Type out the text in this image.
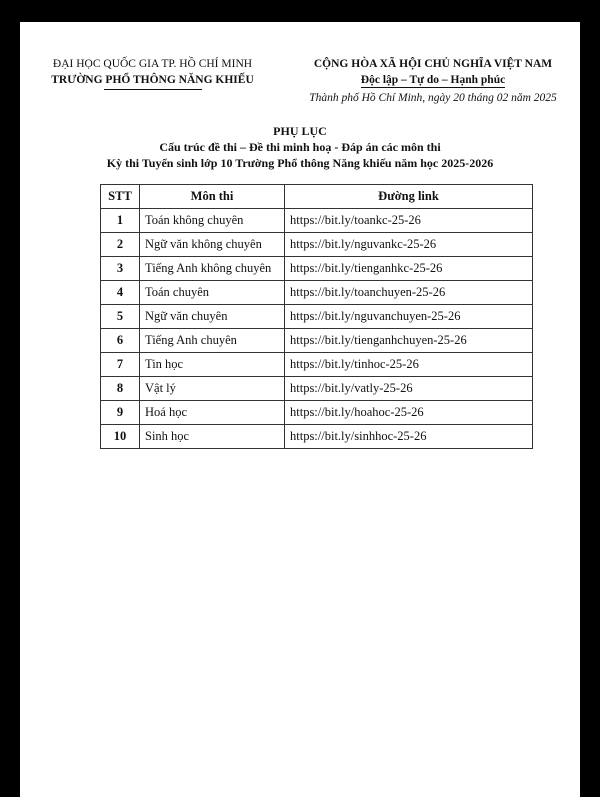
ĐẠI HỌC QUỐC GIA TP. HỒ CHÍ MINH
TRƯỜNG PHỔ THÔNG NĂNG KHIẾU
CỘNG HÒA XÃ HỘI CHỦ NGHĨA VIỆT NAM
Độc lập – Tự do – Hạnh phúc
Thành phố Hồ Chí Minh, ngày 20 tháng 02 năm 2025
PHỤ LỤC
Cấu trúc đề thi – Đề thi minh hoạ - Đáp án các môn thi
Kỳ thi Tuyển sinh lớp 10 Trường Phổ thông Năng khiếu năm học 2025-2026
STT	Môn thi	Đường link
1	Toán không chuyên	https://bit.ly/toankc-25-26
2	Ngữ văn không chuyên	https://bit.ly/nguvankc-25-26
3	Tiếng Anh không chuyên	https://bit.ly/tienganhkc-25-26
4	Toán chuyên	https://bit.ly/toanchuyen-25-26
5	Ngữ văn chuyên	https://bit.ly/nguvanchuyen-25-26
6	Tiếng Anh chuyên	https://bit.ly/tienganhchuyen-25-26
7	Tin học	https://bit.ly/tinhoc-25-26
8	Vật lý	https://bit.ly/vatly-25-26
9	Hoá học	https://bit.ly/hoahoc-25-26
10	Sinh học	https://bit.ly/sinhhoc-25-26
